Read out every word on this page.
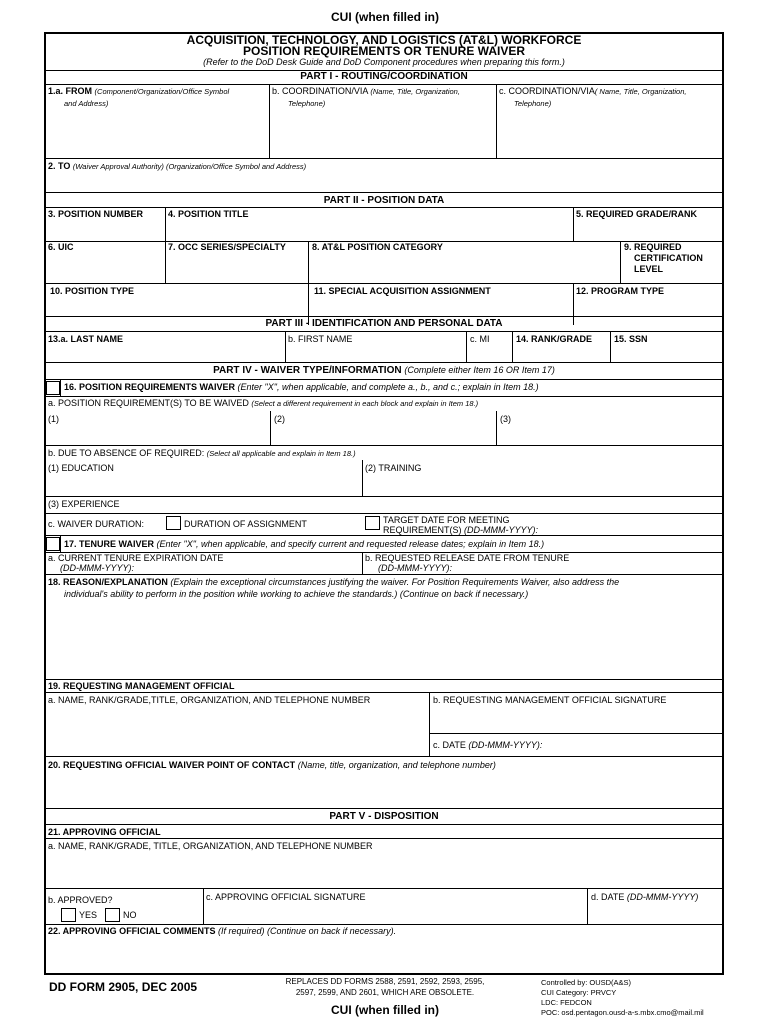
CUI (when filled in)
ACQUISITION, TECHNOLOGY, AND LOGISTICS (AT&L) WORKFORCE
POSITION REQUIREMENTS OR TENURE WAIVER
(Refer to the DoD Desk Guide and DoD Component procedures when preparing this form.)
PART I - ROUTING/COORDINATION
1.a. FROM (Component/Organization/Office Symbol
and Address)
b. COORDINATION/VIA (Name, Title, Organization,
Telephone)
c. COORDINATION/VIA( Name, Title, Organization,
Telephone)
2. TO (Waiver Approval Authority) (Organization/Office Symbol and Address)
PART II - POSITION DATA
3. POSITION NUMBER	4. POSITION TITLE	5. REQUIRED GRADE/RANK
6. UIC	7. OCC SERIES/SPECIALTY	8. AT&L POSITION CATEGORY	9. REQUIRED
CERTIFICATION
LEVEL
10. POSITION TYPE	11. SPECIAL ACQUISITION ASSIGNMENT	12. PROGRAM TYPE
PART III - IDENTIFICATION AND PERSONAL DATA
13.a. LAST NAME	b. FIRST NAME	c. MI	14. RANK/GRADE 15. SSN
PART IV - WAIVER TYPE/INFORMATION (Complete either Item 16 OR Item 17)
16. POSITION REQUIREMENTS WAIVER (Enter "X", when applicable, and complete a., b., and c.; explain in Item 18.)
a. POSITION REQUIREMENT(S) TO BE WAIVED (Select a different requirement in each block and explain in Item 18.)
(1)	(2)	(3)
b. DUE TO ABSENCE OF REQUIRED: (Select all applicable and explain in Item 18.)
(1) EDUCATION	(2) TRAINING
(3) EXPERIENCE
c. WAIVER DURATION:	DURATION OF ASSIGNMENT	TARGET DATE FOR MEETING
REQUIREMENT(S) (DD-MMM-YYYY):
17. TENURE WAIVER (Enter "X", when applicable, and specify current and requested release dates; explain in Item 18.)
a. CURRENT TENURE EXPIRATION DATE
(DD-MMM-YYYY):
b. REQUESTED RELEASE DATE FROM TENURE
(DD-MMM-YYYY):
18. REASON/EXPLANATION (Explain the exceptional circumstances justifying the waiver. For Position Requirements Waiver, also address the
individual's ability to perform in the position while working to achieve the standards.) (Continue on back if necessary.)
19. REQUESTING MANAGEMENT OFFICIAL
a. NAME, RANK/GRADE,TITLE, ORGANIZATION, AND TELEPHONE NUMBER	b. REQUESTING MANAGEMENT OFFICIAL SIGNATURE
c. DATE (DD-MMM-YYYY):
20. REQUESTING OFFICIAL WAIVER POINT OF CONTACT (Name, title, organization, and telephone number)
PART V - DISPOSITION
21. APPROVING OFFICIAL
a. NAME, RANK/GRADE, TITLE, ORGANIZATION, AND TELEPHONE NUMBER
b. APPROVED?
YES	NO
c. APPROVING OFFICIAL SIGNATURE	d. DATE (DD-MMM-YYYY)
22. APPROVING OFFICIAL COMMENTS (If required) (Continue on back if necessary).
DD FORM 2905, DEC 2005	REPLACES DD FORMS 2588, 2591, 2592, 2593, 2595,
2597, 2599, AND 2601, WHICH ARE OBSOLETE.
Controlled by: OUSD(A&S)
CUI Category: PRVCY
LDC: FEDCON
POC: osd.pentagon.ousd-a-s.mbx.cmo@mail.mil
CUI (when filled in)
